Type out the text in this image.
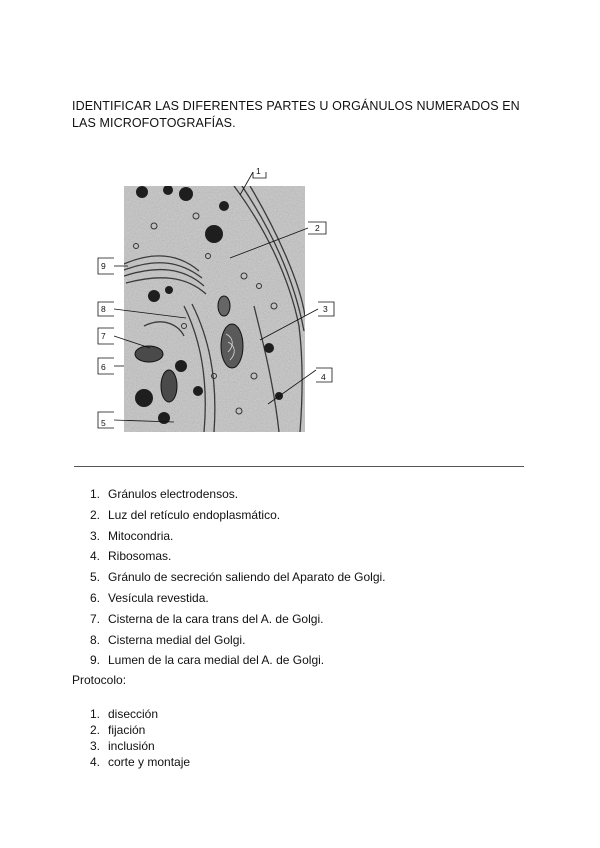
IDENTIFICAR LAS DIFERENTES PARTES U ORGÁNULOS NUMERADOS EN LAS MICROFOTOGRAFÍAS.

1
2
3
4
5
6
7
8
9
1. Gránulos electrodensos.
2. Luz del retículo endoplasmático.
3. Mitocondria.
4. Ribosomas.
5. Gránulo de secreción saliendo del Aparato de Golgi.
6. Vesícula revestida.
7. Cisterna de la cara trans del A. de Golgi.
8. Cisterna medial del Golgi.
9. Lumen de la cara medial del A. de Golgi.
Protocolo:
1. disección
2. fijación
3. inclusión
4. corte y montaje
